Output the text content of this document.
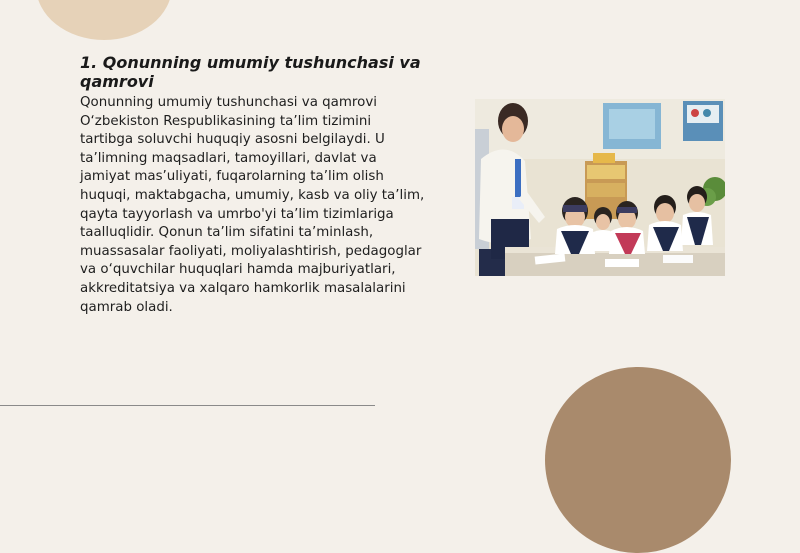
1. Qonunning umumiy tushunchasi va qamrovi

Qonunning umumiy tushunchasi va qamrovi O‘zbekiston Respublikasining ta’lim tizimini tartibga soluvchi huquqiy asosni belgilaydi. U ta’limning maqsadlari, tamoyillari, davlat va jamiyat mas’uliyati, fuqarolarning ta’lim olish huquqi, maktabgacha, umumiy, kasb va oliy ta’lim, qayta tayyorlash va umrbo'yi ta’lim tizimlariga taalluqlidir. Qonun ta’lim sifatini ta’minlash, muassasalar faoliyati, moliyalashtirish, pedagoglar va o‘quvchilar huquqlari hamda majburiyatlari, akkreditatsiya va xalqaro hamkorlik masalalarini qamrab oladi.
